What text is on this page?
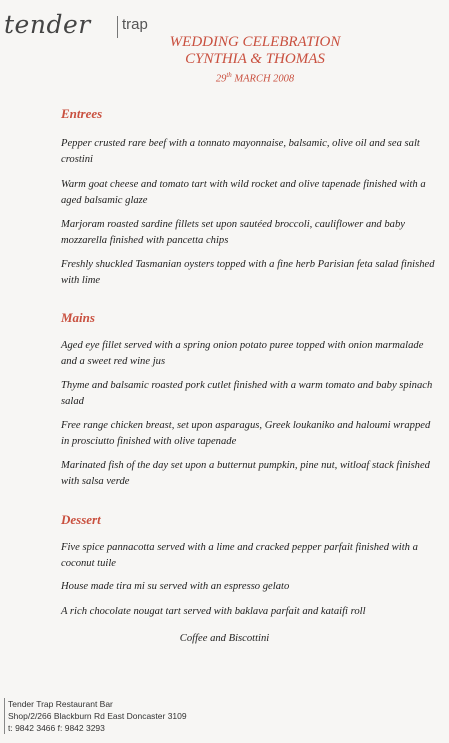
tender trap
WEDDING CELEBRATION
CYNTHIA & THOMAS
29th MARCH 2008
Entrees
Pepper crusted rare beef with a tonnato mayonnaise, balsamic, olive oil and sea salt crostini
Warm goat cheese and tomato tart with wild rocket and olive tapenade finished with a aged balsamic glaze
Marjoram roasted sardine fillets set upon sautéed broccoli, cauliflower and baby mozzarella finished with pancetta chips
Freshly shuckled Tasmanian oysters topped with a fine herb Parisian feta salad finished with lime
Mains
Aged eye fillet served with a spring onion potato puree topped with onion marmalade and a sweet red wine jus
Thyme and balsamic roasted pork cutlet finished with a warm tomato and baby spinach salad
Free range chicken breast, set upon asparagus, Greek loukaniko and haloumi wrapped in prosciutto finished with olive tapenade
Marinated fish of the day set upon a butternut pumpkin, pine nut, witloaf stack finished with salsa verde
Dessert
Five spice pannacotta served with a lime and cracked pepper parfait finished with a coconut tuile
House made tira mi su served with an espresso gelato
A rich chocolate nougat tart served with baklava parfait and kataifi roll
Coffee and Biscottini
Tender Trap Restaurant Bar
Shop/2/266 Blackburn Rd East Doncaster 3109
t: 9842 3466 f: 9842 3293
